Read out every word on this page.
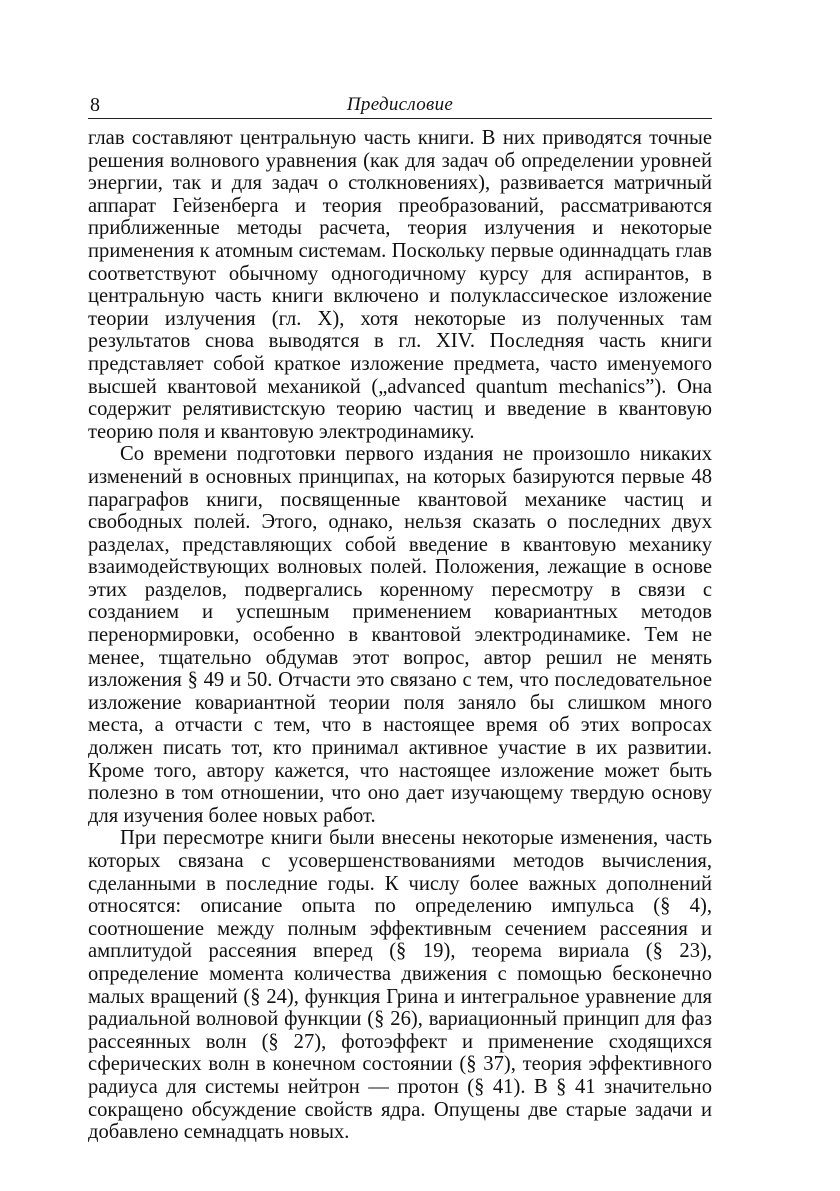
8	Предисловие

глав составляют центральную часть книги. В них приводятся точные решения волнового уравнения (как для задач об определении уровней энергии, так и для задач о столкновениях), развивается матричный аппарат Гейзенберга и теория преобразований, рассматриваются приближенные методы расчета, теория излучения и некоторые применения к атомным системам. Поскольку первые одиннадцать глав соответствуют обычному одногодичному курсу для аспирантов, в центральную часть книги включено и полуклассическое изложение теории излучения (гл. X), хотя некоторые из полученных там результатов снова выводятся в гл. XIV. Последняя часть книги представляет собой краткое изложение предмета, часто именуемого высшей квантовой механикой („advanced quantum mechanics”). Она содержит релятивистскую теорию частиц и введение в квантовую теорию поля и квантовую электродинамику.

Со времени подготовки первого издания не произошло никаких изменений в основных принципах, на которых базируются первые 48 параграфов книги, посвященные квантовой механике частиц и свободных полей. Этого, однако, нельзя сказать о последних двух разделах, представляющих собой введение в квантовую механику взаимодействующих волновых полей. Положения, лежащие в основе этих разделов, подвергались коренному пересмотру в связи с созданием и успешным применением ковариантных методов перенормировки, особенно в квантовой электродинамике. Тем не менее, тщательно обдумав этот вопрос, автор решил не менять изложения § 49 и 50. Отчасти это связано с тем, что последовательное изложение ковариантной теории поля заняло бы слишком много места, а отчасти с тем, что в настоящее время об этих вопросах должен писать тот, кто принимал активное участие в их развитии. Кроме того, автору кажется, что настоящее изложение может быть полезно в том отношении, что оно дает изучающему твердую основу для изучения более новых работ.

При пересмотре книги были внесены некоторые изменения, часть которых связана с усовершенствованиями методов вычисления, сделанными в последние годы. К числу более важных дополнений относятся: описание опыта по определению импульса (§ 4), соотношение между полным эффективным сечением рассеяния и амплитудой рассеяния вперед (§ 19), теорема вириала (§ 23), определение момента количества движения с помощью бесконечно малых вращений (§ 24), функция Грина и интегральное уравнение для радиальной волновой функции (§ 26), вариационный принцип для фаз рассеянных волн (§ 27), фотоэффект и применение сходящихся сферических волн в конечном состоянии (§ 37), теория эффективного радиуса для системы нейтрон — протон (§ 41). В § 41 значительно сокращено обсуждение свойств ядра. Опущены две старые задачи и добавлено семнадцать новых.
